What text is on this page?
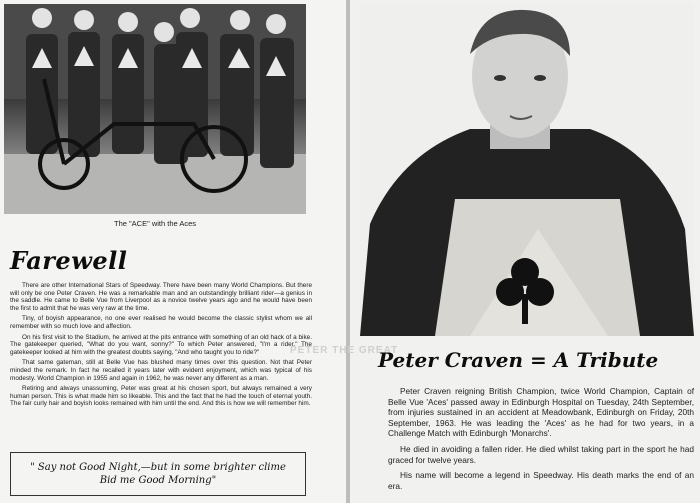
The "ACE" with the Aces
Farewell

There are other International Stars of Speedway. There have been many World Champions. But there will only be one Peter Craven. He was a remarkable man and an outstandingly brilliant rider—a genius in the saddle. He came to Belle Vue from Liverpool as a novice twelve years ago and he would have been the first to admit that he was very raw at the time.

Tiny, of boyish appearance, no one ever realised he would become the classic stylist whom we all remember with so much love and affection.

On his first visit to the Stadium, he arrived at the pits entrance with something of an old hack of a bike. The gatekeeper queried, "What do you want, sonny?" To which Peter answered, "I'm a rider." The gatekeeper looked at him with the greatest doubts saying, "And who taught you to ride?"

That same gateman, still at Belle Vue has blushed many times over this question. Not that Peter minded the remark. In fact he recalled it years later with evident enjoyment, which was typical of his modesty. World Champion in 1955 and again in 1962, he was never any different as a man.

Retiring and always unassuming, Peter was great at his chosen sport, but always remained a very human person. This is what made him so likeable. This and the fact that he had the touch of eternal youth. The fair curly hair and boyish looks remained with him until the end. And this is how we will remember him.

" Say not Good Night,—but in some brighter clime
Bid me Good Morning"
PETER THE GREAT
Peter Craven = A Tribute

Peter Craven reigning British Champion, twice World Champion, Captain of Belle Vue 'Aces' passed away in Edinburgh Hospital on Tuesday, 24th September, from injuries sustained in an accident at Meadowbank, Edinburgh on Friday, 20th September, 1963. He was leading the 'Aces' as he had for two years, in a Challenge Match with Edinburgh 'Monarchs'.

He died in avoiding a fallen rider. He died whilst taking part in the sport he had graced for twelve years.

His name will become a legend in Speedway. His death marks the end of an era.
